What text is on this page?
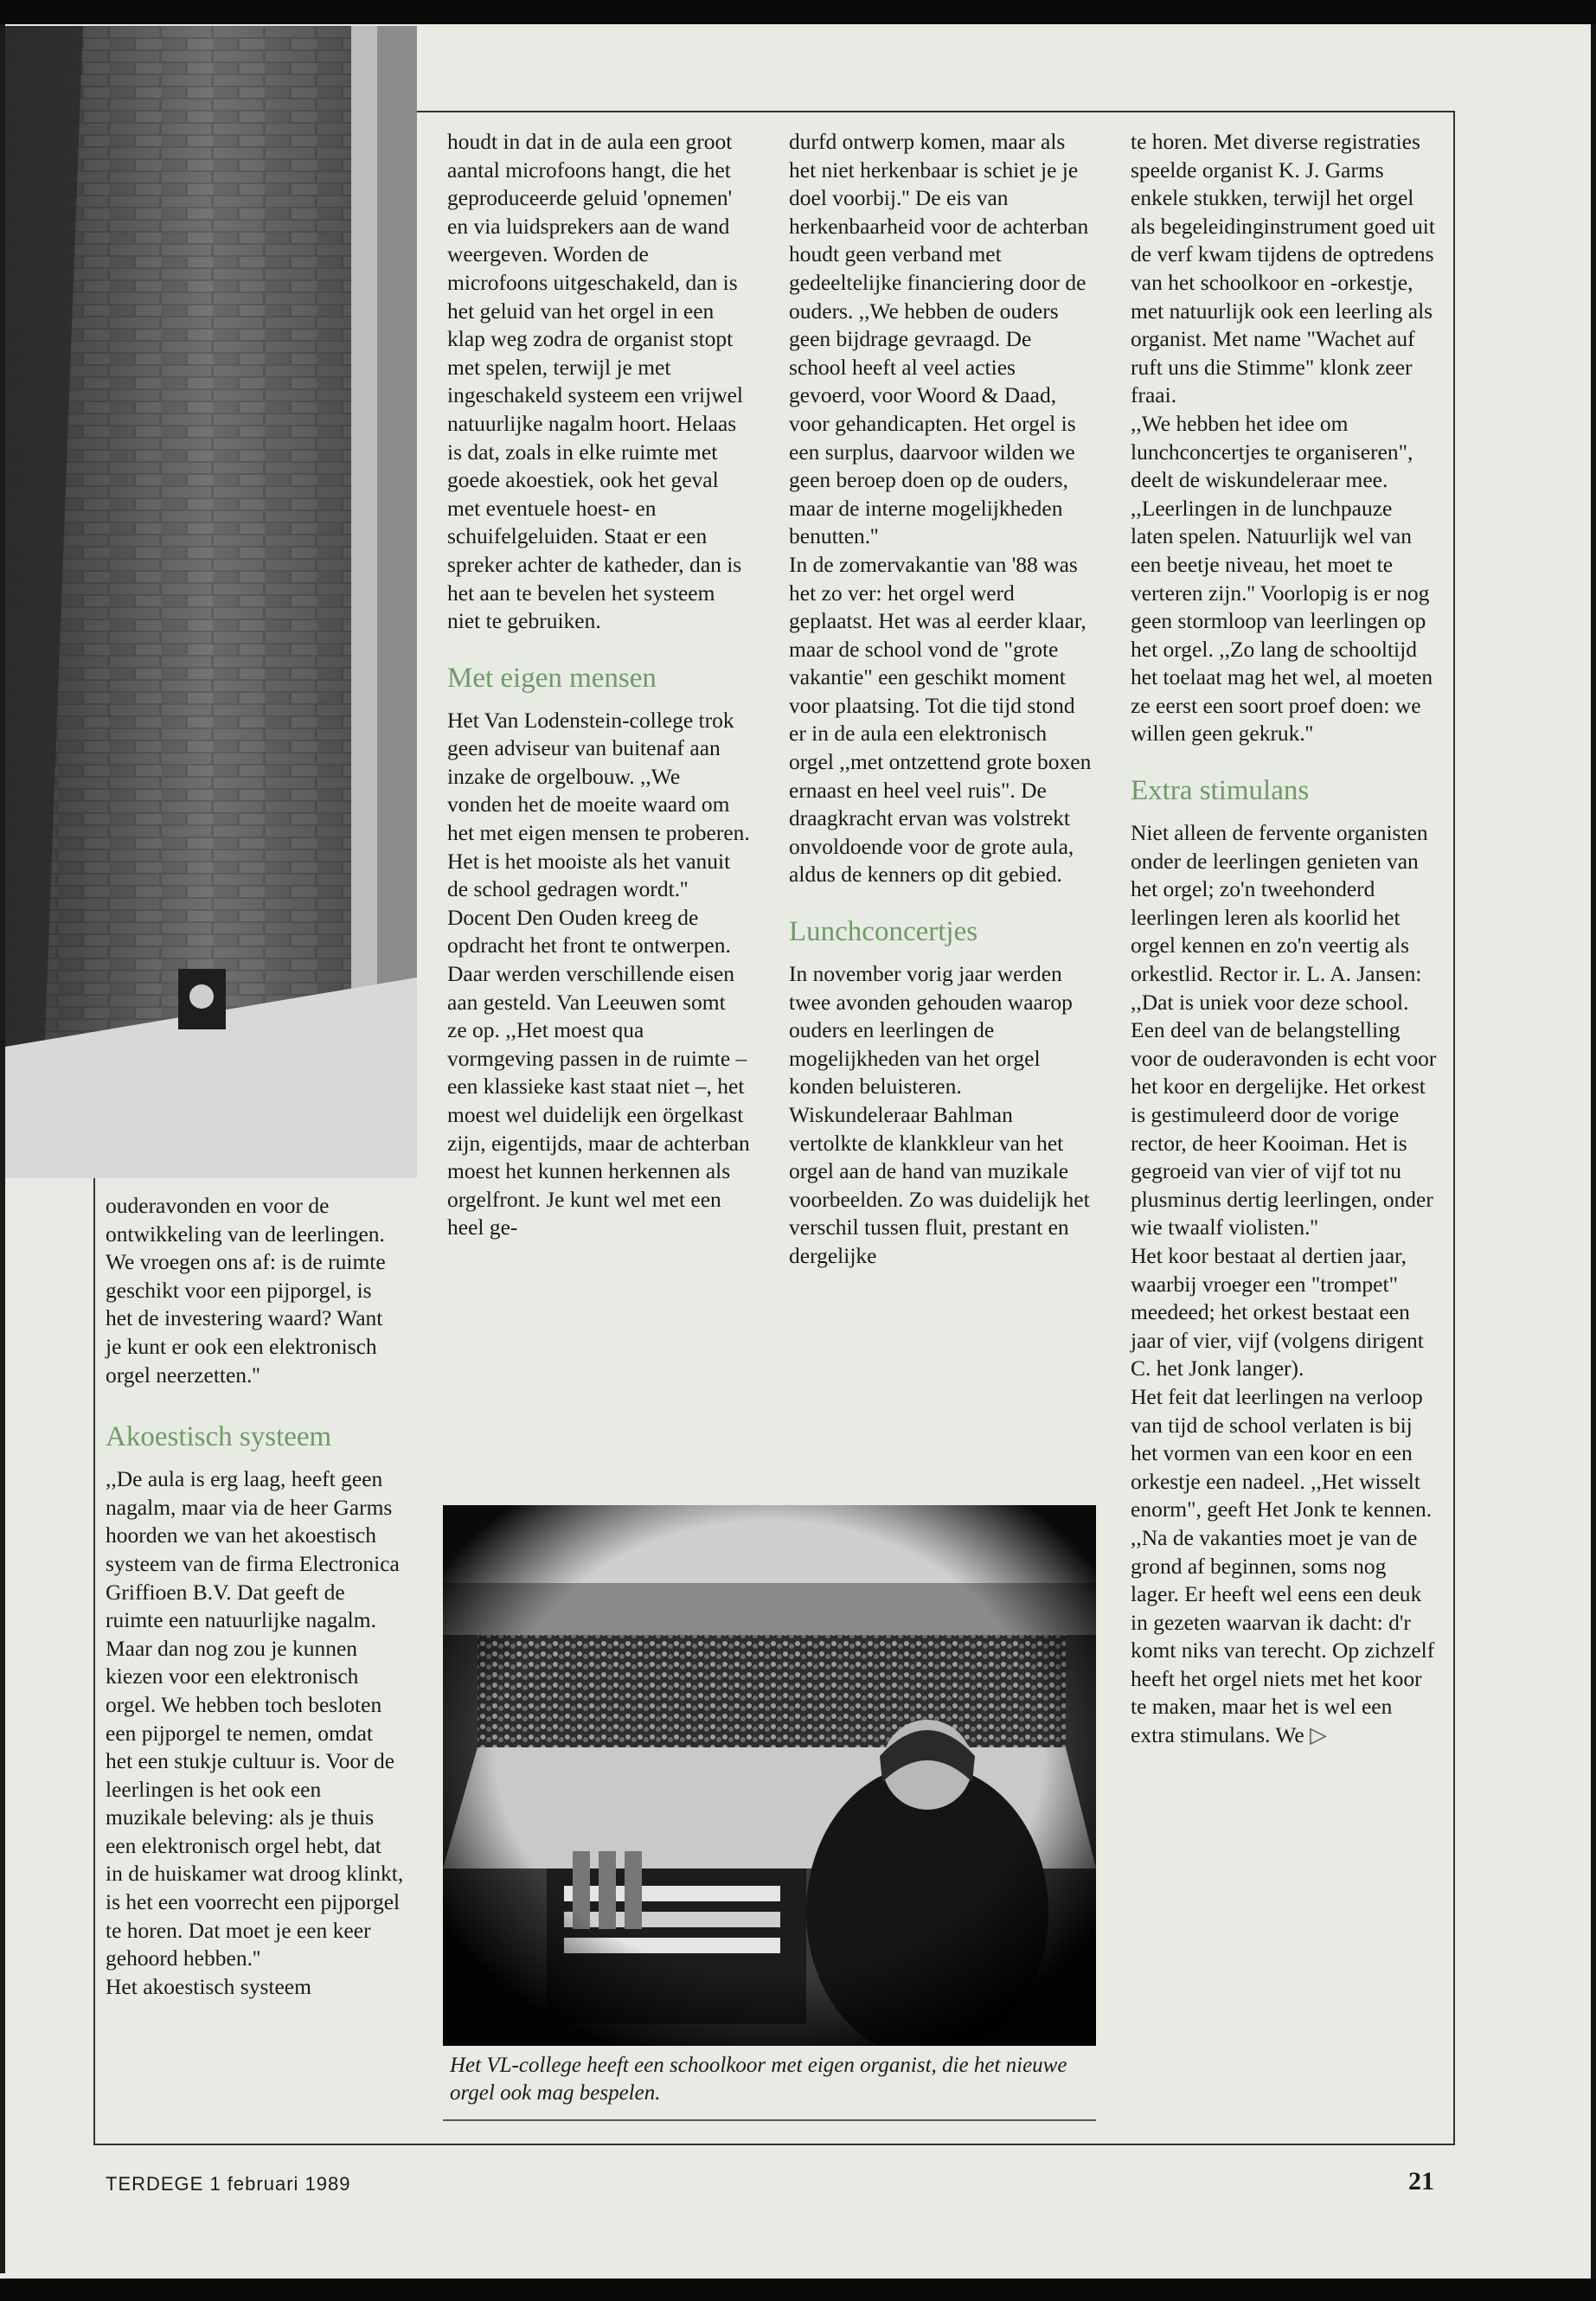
ouderavonden en voor de ontwikkeling van de leerlingen. We vroegen ons af: is de ruimte geschikt voor een pijporgel, is het de investering waard? Want je kunt er ook een elektronisch orgel neerzetten.''

Akoestisch systeem

,,De aula is erg laag, heeft geen nagalm, maar via de heer Garms hoorden we van het akoestisch systeem van de firma Electronica Griffioen B.V. Dat geeft de ruimte een natuurlijke nagalm. Maar dan nog zou je kunnen kiezen voor een elektronisch orgel. We hebben toch besloten een pijporgel te nemen, omdat het een stukje cultuur is. Voor de leerlingen is het ook een muzikale beleving: als je thuis een elektronisch orgel hebt, dat in de huiskamer wat droog klinkt, is het een voorrecht een pijporgel te horen. Dat moet je een keer gehoord hebben.''

Het akoestisch systeem

houdt in dat in de aula een groot aantal microfoons hangt, die het geproduceerde geluid 'opnemen' en via luidsprekers aan de wand weergeven. Worden de microfoons uitgeschakeld, dan is het geluid van het orgel in een klap weg zodra de organist stopt met spelen, terwijl je met ingeschakeld systeem een vrijwel natuurlijke nagalm hoort. Helaas is dat, zoals in elke ruimte met goede akoestiek, ook het geval met eventuele hoest- en schuifelgeluiden. Staat er een spreker achter de katheder, dan is het aan te bevelen het systeem niet te gebruiken.

Met eigen mensen

Het Van Lodenstein-college trok geen adviseur van buitenaf aan inzake de orgelbouw. ,,We vonden het de moeite waard om het met eigen mensen te proberen. Het is het mooiste als het vanuit de school gedragen wordt.''

Docent Den Ouden kreeg de opdracht het front te ontwerpen. Daar werden verschillende eisen aan gesteld. Van Leeuwen somt ze op. ,,Het moest qua vormgeving passen in de ruimte – een klassieke kast staat niet –, het moest wel duidelijk een örgelkast zijn, eigentijds, maar de achterban moest het kunnen herkennen als orgelfront. Je kunt wel met een heel ge-

durfd ontwerp komen, maar als het niet herkenbaar is schiet je je doel voorbij.'' De eis van herkenbaarheid voor de achterban houdt geen verband met gedeeltelijke financiering door de ouders. ,,We hebben de ouders geen bijdrage gevraagd. De school heeft al veel acties gevoerd, voor Woord & Daad, voor gehandicapten. Het orgel is een surplus, daarvoor wilden we geen beroep doen op de ouders, maar de interne mogelijkheden benutten.''

In de zomervakantie van '88 was het zo ver: het orgel werd geplaatst. Het was al eerder klaar, maar de school vond de "grote vakantie" een geschikt moment voor plaatsing. Tot die tijd stond er in de aula een elektronisch orgel ,,met ontzettend grote boxen ernaast en heel veel ruis". De draagkracht ervan was volstrekt onvoldoende voor de grote aula, aldus de kenners op dit gebied.

Lunchconcertjes

In november vorig jaar werden twee avonden gehouden waarop ouders en leerlingen de mogelijkheden van het orgel konden beluisteren. Wiskundeleraar Bahlman vertolkte de klankkleur van het orgel aan de hand van muzikale voorbeelden. Zo was duidelijk het verschil tussen fluit, prestant en dergelijke

te horen. Met diverse registraties speelde organist K. J. Garms enkele stukken, terwijl het orgel als begeleidinginstrument goed uit de verf kwam tijdens de optredens van het schoolkoor en -orkestje, met natuurlijk ook een leerling als organist. Met name "Wachet auf ruft uns die Stimme" klonk zeer fraai.

,,We hebben het idee om lunchconcertjes te organiseren", deelt de wiskundeleraar mee. ,,Leerlingen in de lunchpauze laten spelen. Natuurlijk wel van een beetje niveau, het moet te verteren zijn.'' Voorlopig is er nog geen stormloop van leerlingen op het orgel. ,,Zo lang de schooltijd het toelaat mag het wel, al moeten ze eerst een soort proef doen: we willen geen gekruk.''

Extra stimulans

Niet alleen de fervente organisten onder de leerlingen genieten van het orgel; zo'n tweehonderd leerlingen leren als koorlid het orgel kennen en zo'n veertig als orkestlid. Rector ir. L. A. Jansen: ,,Dat is uniek voor deze school. Een deel van de belangstelling voor de ouderavonden is echt voor het koor en dergelijke. Het orkest is gestimuleerd door de vorige rector, de heer Kooiman. Het is gegroeid van vier of vijf tot nu plusminus dertig leerlingen, onder wie twaalf violisten.''

Het koor bestaat al dertien jaar, waarbij vroeger een "trompet" meedeed; het orkest bestaat een jaar of vier, vijf (volgens dirigent C. het Jonk langer).

Het feit dat leerlingen na verloop van tijd de school verlaten is bij het vormen van een koor en een orkestje een nadeel. ,,Het wisselt enorm", geeft Het Jonk te kennen. ,,Na de vakanties moet je van de grond af beginnen, soms nog lager. Er heeft wel eens een deuk in gezeten waarvan ik dacht: d'r komt niks van terecht. Op zichzelf heeft het orgel niets met het koor te maken, maar het is wel een extra stimulans. We ▷

Het VL-college heeft een schoolkoor met eigen organist, die het nieuwe orgel ook mag bespelen.
TERDEGE 1 februari 1989	21
